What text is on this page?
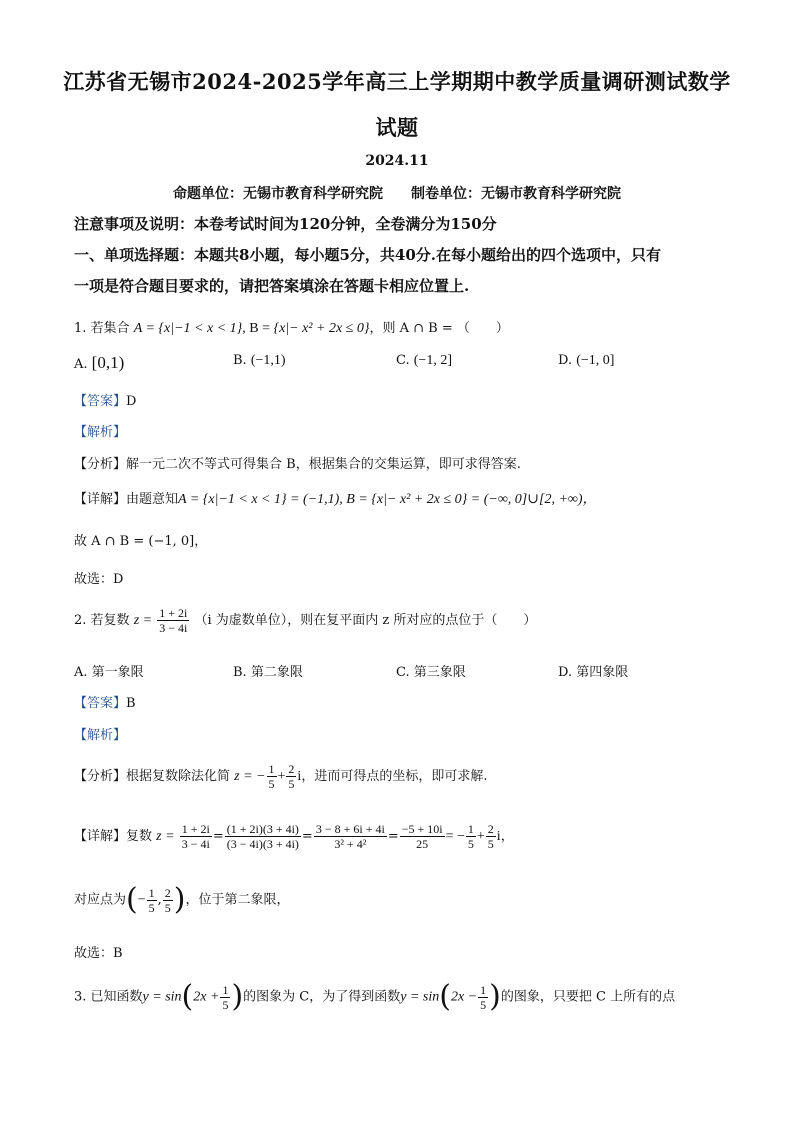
江苏省无锡市2024-2025学年高三上学期期中教学质量调研测试数学
试题
2024.11
命题单位：无锡市教育科学研究院　　制卷单位：无锡市教育科学研究院
注意事项及说明：本卷考试时间为120分钟，全卷满分为150分
一、单项选择题：本题共8小题，每小题5分，共40分.在每小题给出的四个选项中，只有
一项是符合题目要求的，请把答案填涂在答题卡相应位置上.
1. 若集合 A = {x|−1 < x < 1}, B = {x|− x² + 2x ≤ 0}，则 A ∩ B = （　　）
A. [0,1)	B. (−1,1)	C. (−1, 2]	D. (−1, 0]
【答案】D
【解析】
【分析】解一元二次不等式可得集合 B，根据集合的交集运算，即可求得答案.
【详解】由题意知A = {x|−1 < x < 1} = (−1,1), B = {x|− x² + 2x ≤ 0} = (−∞, 0]∪[2, +∞)，
故 A ∩ B = (−1, 0]，
故选：D
2. 若复数 $z = \frac{1 + 2i}{3 - 4i} (i$ 为虚数单位），则在复平面内 z 所对应的点位于（　　）
A. 第一象限	B. 第二象限	C. 第三象限	D. 第四象限
【答案】B
【解析】
【分析】根据复数除法化简 z = − $\frac{1}{5} + \frac{2}{5}$ i，进而可得点的坐标，即可求解.
【详解】复数 $z = \frac{1 + 2i}{3 - 4i} = \frac{(1 + 2i)(3 + 4i)}{(3 - 4i)(3 + 4i)} = \frac{3 - 8 + 6i + 4i}{\text{3² + 4²}} = \frac{-5 + 10i}{25}$ = − $\frac{1}{5} + \frac{2}{5}$ i，
对应点为(− $\frac{1}{5}$ , $\frac{2}{5}$ )，位于第二象限，
故选：B
3. 已知函数$y = \sin(2x + \frac{1}{5}$ )的图象为 C，为了得到函数$y = \sin(2x - \frac{1}{5}$ )的图象，只要把 C 上所有的点
